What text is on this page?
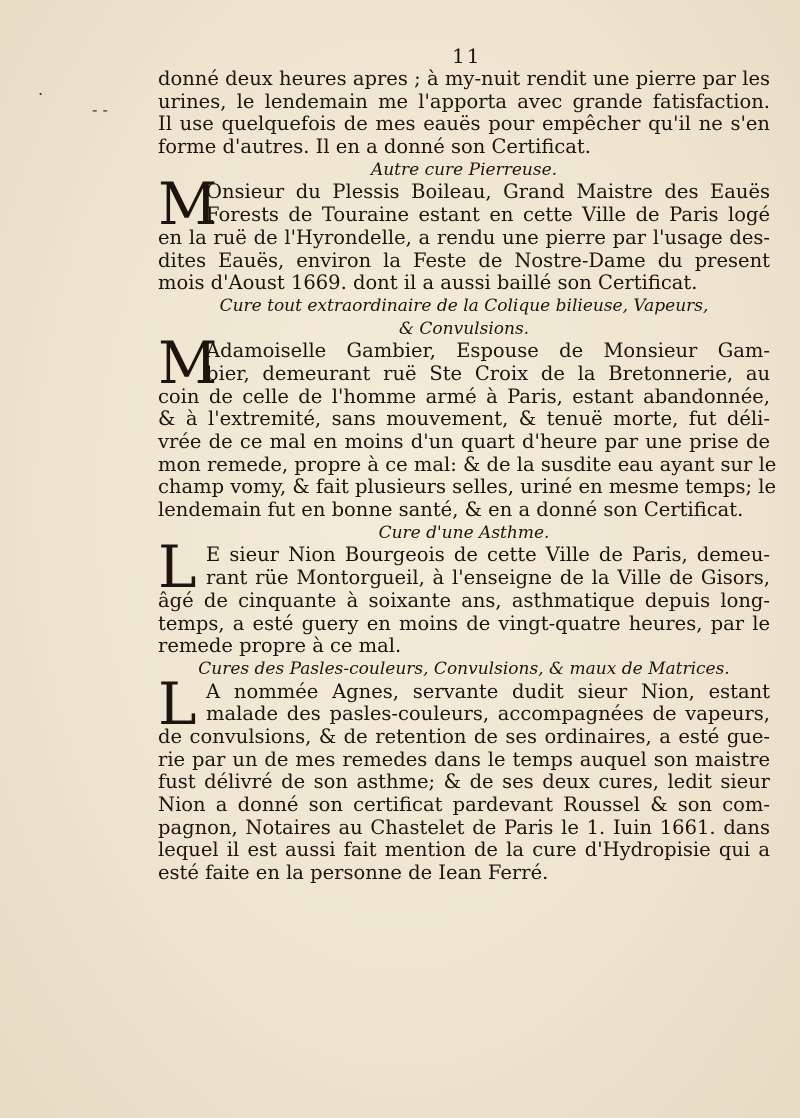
11
.
- -
donné deux heures apres ; à my-nuit rendit une pierre par les
urines, le lendemain me l'apporta avec grande fatisfaction.
Il use quelquefois de mes eauës pour empêcher qu'il ne s'en
forme d'autres. Il en a donné son Certificat.
Autre cure Pierreuse.
M
Onsieur du Plessis Boileau, Grand Maistre des Eauës
Forests de Touraine estant en cette Ville de Paris logé
en la ruë de l'Hyrondelle, a rendu une pierre par l'usage des-
dites Eauës, environ la Feste de Nostre-Dame du present
mois d'Aoust 1669. dont il a aussi baillé son Certificat.
Cure tout extraordinaire de la Colique bilieuse, Vapeurs,
& Convulsions.
M
Adamoiselle Gambier, Espouse de Monsieur Gam-
bier, demeurant ruë Ste Croix de la Bretonnerie, au
coin de celle de l'homme armé à Paris, estant abandonnée,
& à l'extremité, sans mouvement, & tenuë morte, fut déli-
vrée de ce mal en moins d'un quart d'heure par une prise de
mon remede, propre à ce mal: & de la susdite eau ayant sur le
champ vomy, & fait plusieurs selles, uriné en mesme temps; le
lendemain fut en bonne santé, & en a donné son Certificat.
Cure d'une Asthme.
L E sieur Nion Bourgeois de cette Ville de Paris, demeu-
rant rüe Montorgueil, à l'enseigne de la Ville de Gisors,
âgé de cinquante à soixante ans, asthmatique depuis long-
temps, a esté guery en moins de vingt-quatre heures, par le
remede propre à ce mal.
Cures des Pasles-couleurs, Convulsions, & maux de Matrices.
L A nommée Agnes, servante dudit sieur Nion, estant
malade des pasles-couleurs, accompagnées de vapeurs,
de convulsions, & de retention de ses ordinaires, a esté gue-
rie par un de mes remedes dans le temps auquel son maistre
fust délivré de son asthme; & de ses deux cures, ledit sieur
Nion a donné son certificat pardevant Roussel & son com-
pagnon, Notaires au Chastelet de Paris le 1. Iuin 1661. dans
lequel il est aussi fait mention de la cure d'Hydropisie qui a
esté faite en la personne de Iean Ferré.
